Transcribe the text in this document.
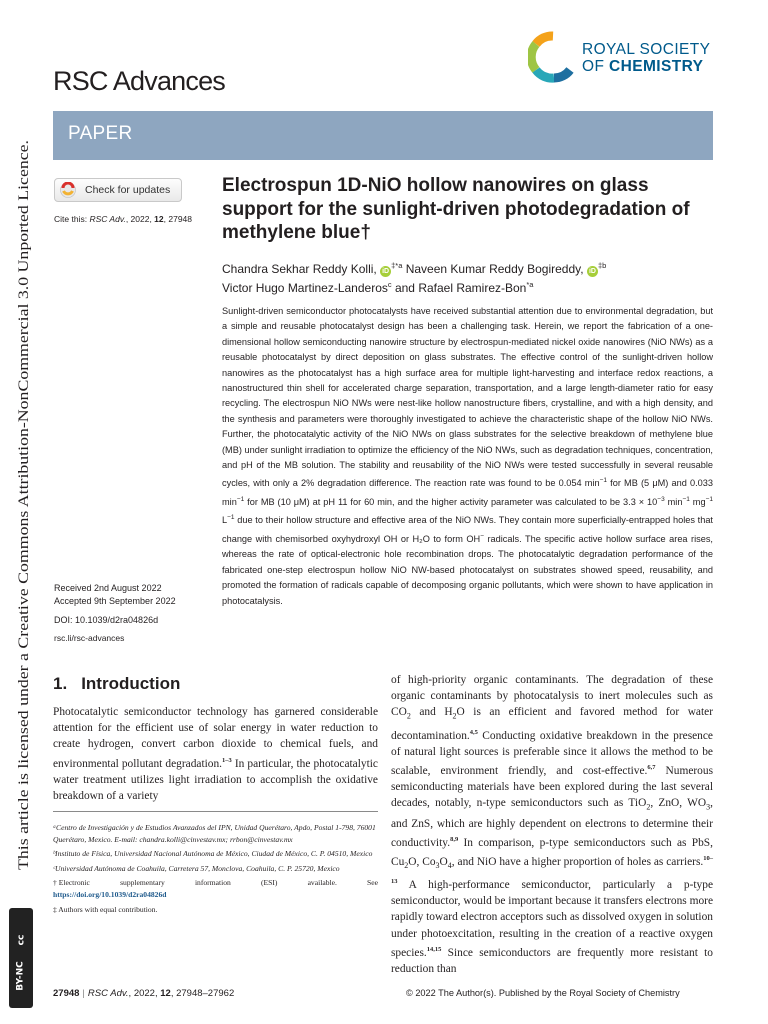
This article is licensed under a Creative Commons Attribution-NonCommercial 3.0 Unported Licence.
cc
BY-NC
RSC Advances
ROYAL SOCIETY
OF CHEMISTRY
PAPER
Check for updates
Cite this: RSC Adv., 2022, 12, 27948
Electrospun 1D-NiO hollow nanowires on glass support for the sunlight-driven photodegradation of methylene blue†
Chandra Sekhar Reddy Kolli, $iD^{\ddagger*a}$ Naveen Kumar Reddy Bogireddy, $iD^{\ddagger b}$
Victor Hugo Martinez-Landeros$^c$ and Rafael Ramirez-Bon$^{*a}$
Sunlight-driven semiconductor photocatalysts have received substantial attention due to environmental degradation, but a simple and reusable photocatalyst design has been a challenging task. Herein, we report the fabrication of a one-dimensional hollow semiconducting nanowire structure by electrospun-mediated nickel oxide nanowires (NiO NWs) as a reusable photocatalyst by direct deposition on glass substrates. The effective control of the sunlight-driven hollow nanowires as the photocatalyst has a high surface area for multiple light-harvesting and interface redox reactions, a nanostructured thin shell for accelerated charge separation, transportation, and a large length-diameter ratio for easy recycling. The electrospun NiO NWs were nest-like hollow nanostructure fibers, crystalline, and with a high density, and the synthesis and parameters were thoroughly investigated to achieve the characteristic shape of the hollow NiO NWs. Further, the photocatalytic activity of the NiO NWs on glass substrates for the selective breakdown of methylene blue (MB) under sunlight irradiation to optimize the efficiency of the NiO NWs, such as degradation techniques, concentration, and pH of the MB solution. The stability and reusability of the NiO NWs were tested successfully in several reusable cycles, with only a 2% degradation difference. The reaction rate was found to be 0.054 $\min^{-1}$ for MB (5 μM) and 0.033 $\min^{-1}$ for MB (10 μM) at pH 11 for 60 min, and the higher activity parameter was calculated to be $3.3 \times 10^{-3}$ $\min^{-1} mg^{-1}$ $L^{-1}$ due to their hollow structure and effective area of the NiO NWs. They contain more superficially-entrapped holes that change with chemisorbed oxyhydroxyl OH or H₂O to form OH− radicals. The specific active hollow surface area rises, whereas the rate of optical-electronic hole recombination drops. The photocatalytic degradation performance of the fabricated one-step electrospun hollow NiO NW-based photocatalyst on substrates showed speed, reusability, and promoted the formation of radicals capable of decomposing organic pollutants, which were shown to have application in photocatalysis.
Received 2nd August 2022
Accepted 9th September 2022
DOI: 10.1039/d2ra04826d
rsc.li/rsc-advances
1. Introduction
Photocatalytic semiconductor technology has garnered considerable attention for the efficient use of solar energy in water reduction to create hydrogen, convert carbon dioxide to chemical fuels, and environmental pollutant degradation.$^{1-3}$ In particular, the photocatalytic water treatment utilizes light irradiation to accomplish the oxidative breakdown of a variety

ᵃCentro de Investigación y de Estudios Avanzados del IPN, Unidad Querétaro, Apdo, Postal 1-798, 76001 Querétaro, Mexico. E-mail: chandra.kolli@cinvestav.mx; rrbon@cinvestav.mx

ᵇInstituto de Física, Universidad Nacional Autónoma de México, Ciudad de México, C. P. 04510, Mexico

ᶜUniversidad Autónoma de Coahuila, Carretera 57, Monclova, Coahuila, C. P. 25720, Mexico

† Electronic	supplementary	information	(ESI)	available.	See

https://doi.org/10.1039/d2ra04826d

‡ Authors with equal contribution.

of high-priority organic contaminants. The degradation of these organic contaminants by photocatalysis to inert molecules such as $CO_2$ and $H_2O$ is an efficient and favored method for water decontamination.$^{4,5}$ Conducting oxidative breakdown in the presence of natural light sources is preferable since it allows the method to be scalable, environment friendly, and cost-effective.$^{6,7}$ Numerous semiconducting materials have been explored during the last several decades, notably, n-type semiconductors such as TiO$_2$, ZnO, $WO_3$, and ZnS, which are highly dependent on electrons to determine their conductivity.$^{8,9}$ In comparison, p-type semiconductors such as PbS, $Cu_2O$, $Co_3O_4$, and NiO have a higher proportion of holes as carriers.$^{10-13}$ A high-performance semiconductor, particularly a p-type semiconductor, would be important because it transfers electrons more rapidly toward electron acceptors such as dissolved oxygen in solution under photoexcitation, resulting in the creation of a reactive oxygen species.$^{14,15}$ Since semiconductors are frequently more resistant to reduction than
27948 | RSC Adv., 2022, 12, 27948–27962	© 2022 The Author(s). Published by the Royal Society of Chemistry
